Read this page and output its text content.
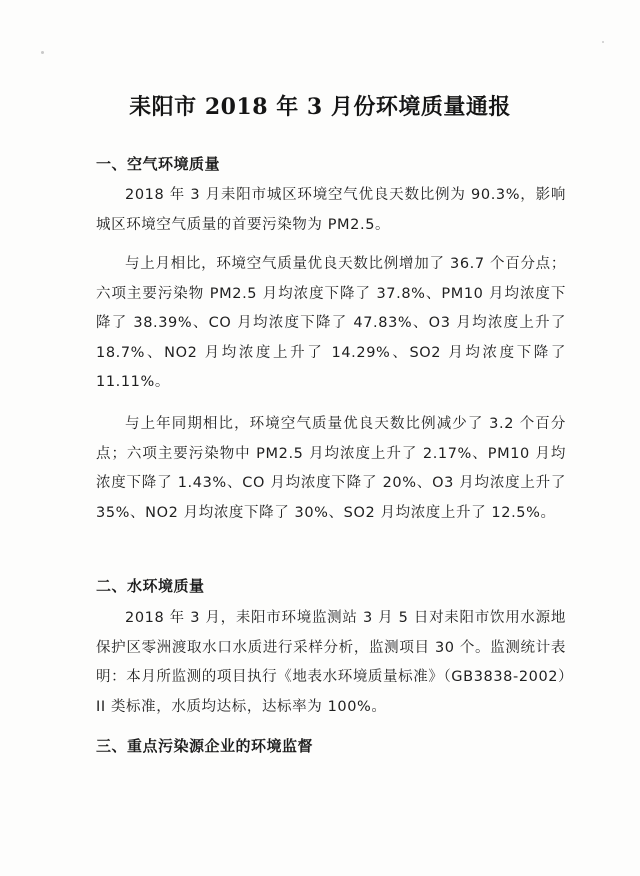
耒阳市 2018 年 3 月份环境质量通报
一、空气环境质量
2018 年 3 月耒阳市城区环境空气优良天数比例为 90.3%，影响城区环境空气质量的首要污染物为 PM2.5。
与上月相比，环境空气质量优良天数比例增加了 36.7 个百分点；六项主要污染物 PM2.5 月均浓度下降了 37.8%、PM10 月均浓度下降了 38.39%、CO 月均浓度下降了 47.83%、O3 月均浓度上升了 18.7%、NO2 月均浓度上升了 14.29%、SO2 月均浓度下降了 11.11%。
与上年同期相比，环境空气质量优良天数比例减少了 3.2 个百分点；六项主要污染物中 PM2.5 月均浓度上升了 2.17%、PM10 月均浓度下降了 1.43%、CO 月均浓度下降了 20%、O3 月均浓度上升了 35%、NO2 月均浓度下降了 30%、SO2 月均浓度上升了 12.5%。
二、水环境质量
2018 年 3 月，耒阳市环境监测站 3 月 5 日对耒阳市饮用水源地保护区零洲渡取水口水质进行采样分析，监测项目 30 个。监测统计表明：本月所监测的项目执行《地表水环境质量标准》（GB3838-2002）II 类标准，水质均达标，达标率为 100%。
三、重点污染源企业的环境监督
